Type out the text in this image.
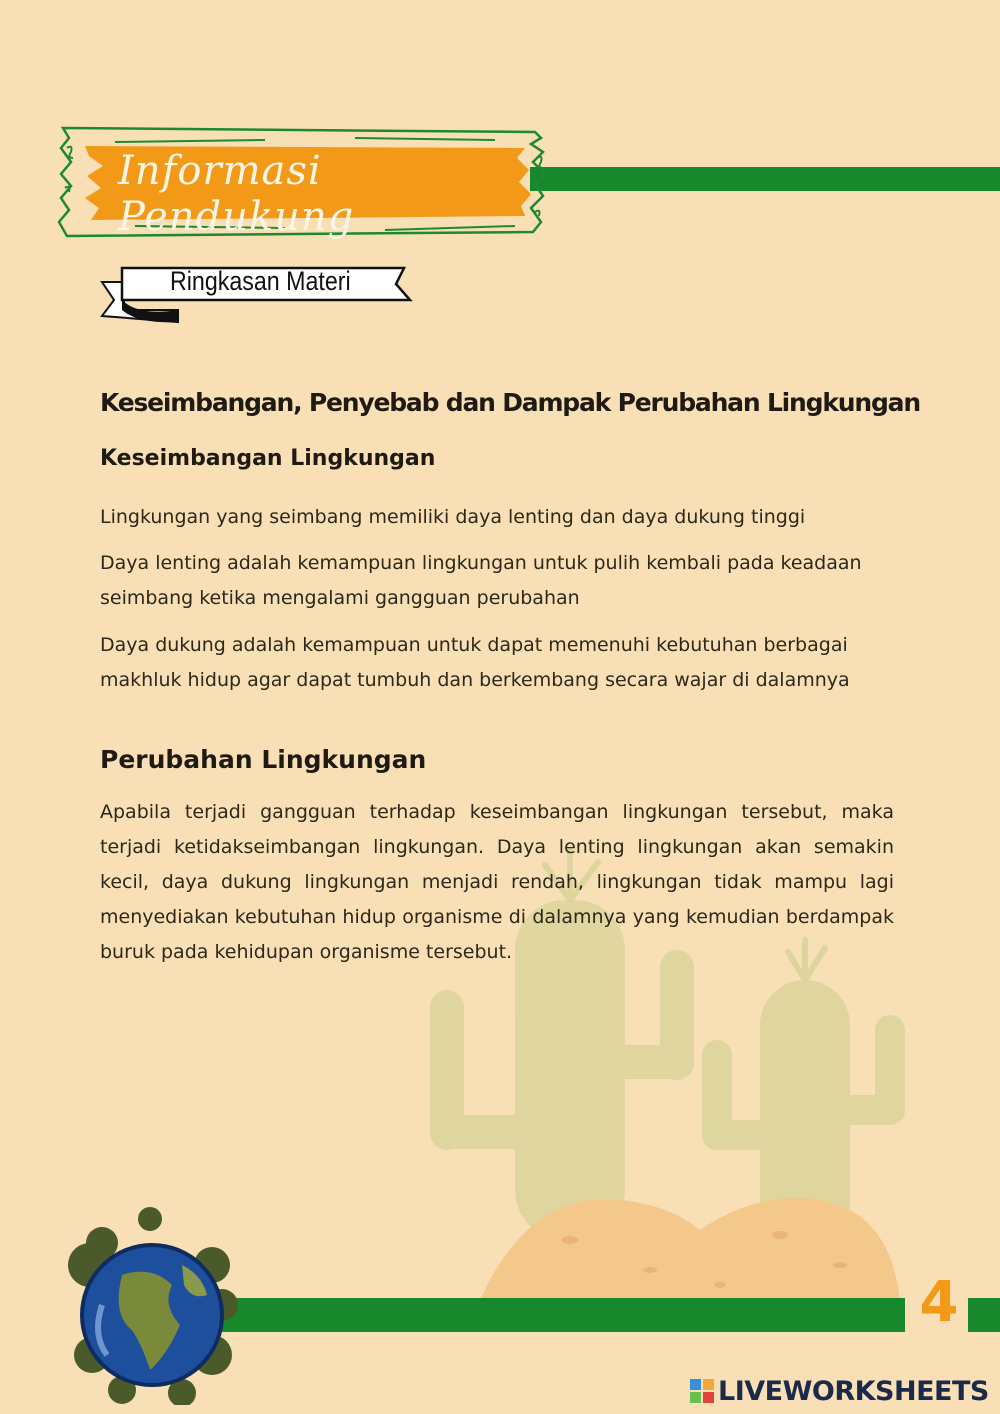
Informasi Pendukung
Ringkasan Materi
Keseimbangan, Penyebab dan Dampak Perubahan Lingkungan
Keseimbangan Lingkungan
Lingkungan yang seimbang memiliki daya lenting dan daya dukung tinggi
Daya lenting adalah kemampuan lingkungan untuk pulih kembali pada keadaan seimbang ketika mengalami gangguan perubahan
Daya dukung adalah kemampuan untuk dapat memenuhi kebutuhan berbagai makhluk hidup agar dapat tumbuh dan berkembang secara wajar di dalamnya
Perubahan Lingkungan
Apabila terjadi gangguan terhadap keseimbangan lingkungan tersebut, maka terjadi ketidakseimbangan lingkungan. Daya lenting lingkungan akan semakin kecil, daya dukung lingkungan menjadi rendah, lingkungan tidak mampu lagi menyediakan kebutuhan hidup organisme di dalamnya yang kemudian berdampak buruk pada kehidupan organisme tersebut.
4
LIVEWORKSHEETS
